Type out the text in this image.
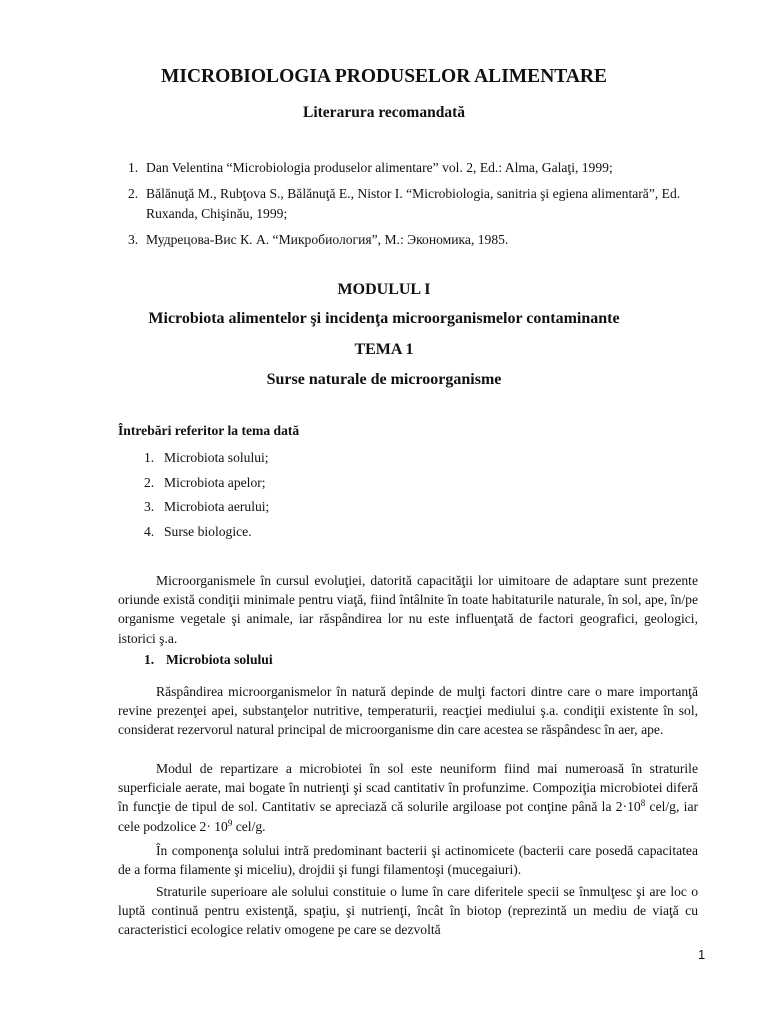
MICROBIOLOGIA PRODUSELOR ALIMENTARE
Literarura recomandată
1. Dan Velentina “Microbiologia produselor alimentare” vol. 2, Ed.: Alma, Galaţi, 1999;
2. Bălănuţă M., Rubţova S., Bălănuţă E., Nistor I. “Microbiologia, sanitria şi egiena alimentară”, Ed. Ruxanda, Chişinău, 1999;
3. Мудрецова-Вис К. А. “Микробиология”, М.: Экономика, 1985.
MODULUL I
Microbiota alimentelor şi incidenţa microorganismelor contaminante
TEMA 1
Surse naturale de microorganisme
Întrebări referitor la tema dată
1. Microbiota solului;
2. Microbiota apelor;
3. Microbiota aerului;
4. Surse biologice.

Microorganismele în cursul evoluţiei, datorită capacităţii lor uimitoare de adaptare sunt prezente oriunde există condiţii minimale pentru viaţă, fiind întâlnite în toate habitaturile naturale, în sol, ape, în/pe organisme vegetale şi animale, iar răspândirea lor nu este influenţată de factori geografici, geologici, istorici ş.a.

1. Microbiota solului

Răspândirea microorganismelor în natură depinde de mulţi factori dintre care o mare importanţă revine prezenţei apei, substanţelor nutritive, temperaturii, reacţiei mediului ş.a. condiţii existente în sol, considerat rezervorul natural principal de microorganisme din care acestea se răspândesc în aer, ape.

Modul de repartizare a microbiotei în sol este neuniform fiind mai numeroasă în straturile superficiale aerate, mai bogate în nutrienţi şi scad cantitativ în profunzime. Compoziţia microbiotei diferă în funcţie de tipul de sol. Cantitativ se apreciază că solurile argiloase pot conţine până la $2\cdot 10^8$ cel/g, iar cele podzolice $2\cdot 10^9$ cel/g.

În componenţa solului intră predominant bacterii şi actinomicete (bacterii care posedă capacitatea de a forma filamente şi miceliu), drojdii şi fungi filamentoşi (mucegaiuri).

Straturile superioare ale solului constituie o lume în care diferitele specii se înmulţesc şi are loc o luptă continuă pentru existenţă, spaţiu, şi nutrienţi, încât în biotop (reprezintă un mediu de viaţă cu caracteristici ecologice relativ omogene pe care se dezvoltă

1
